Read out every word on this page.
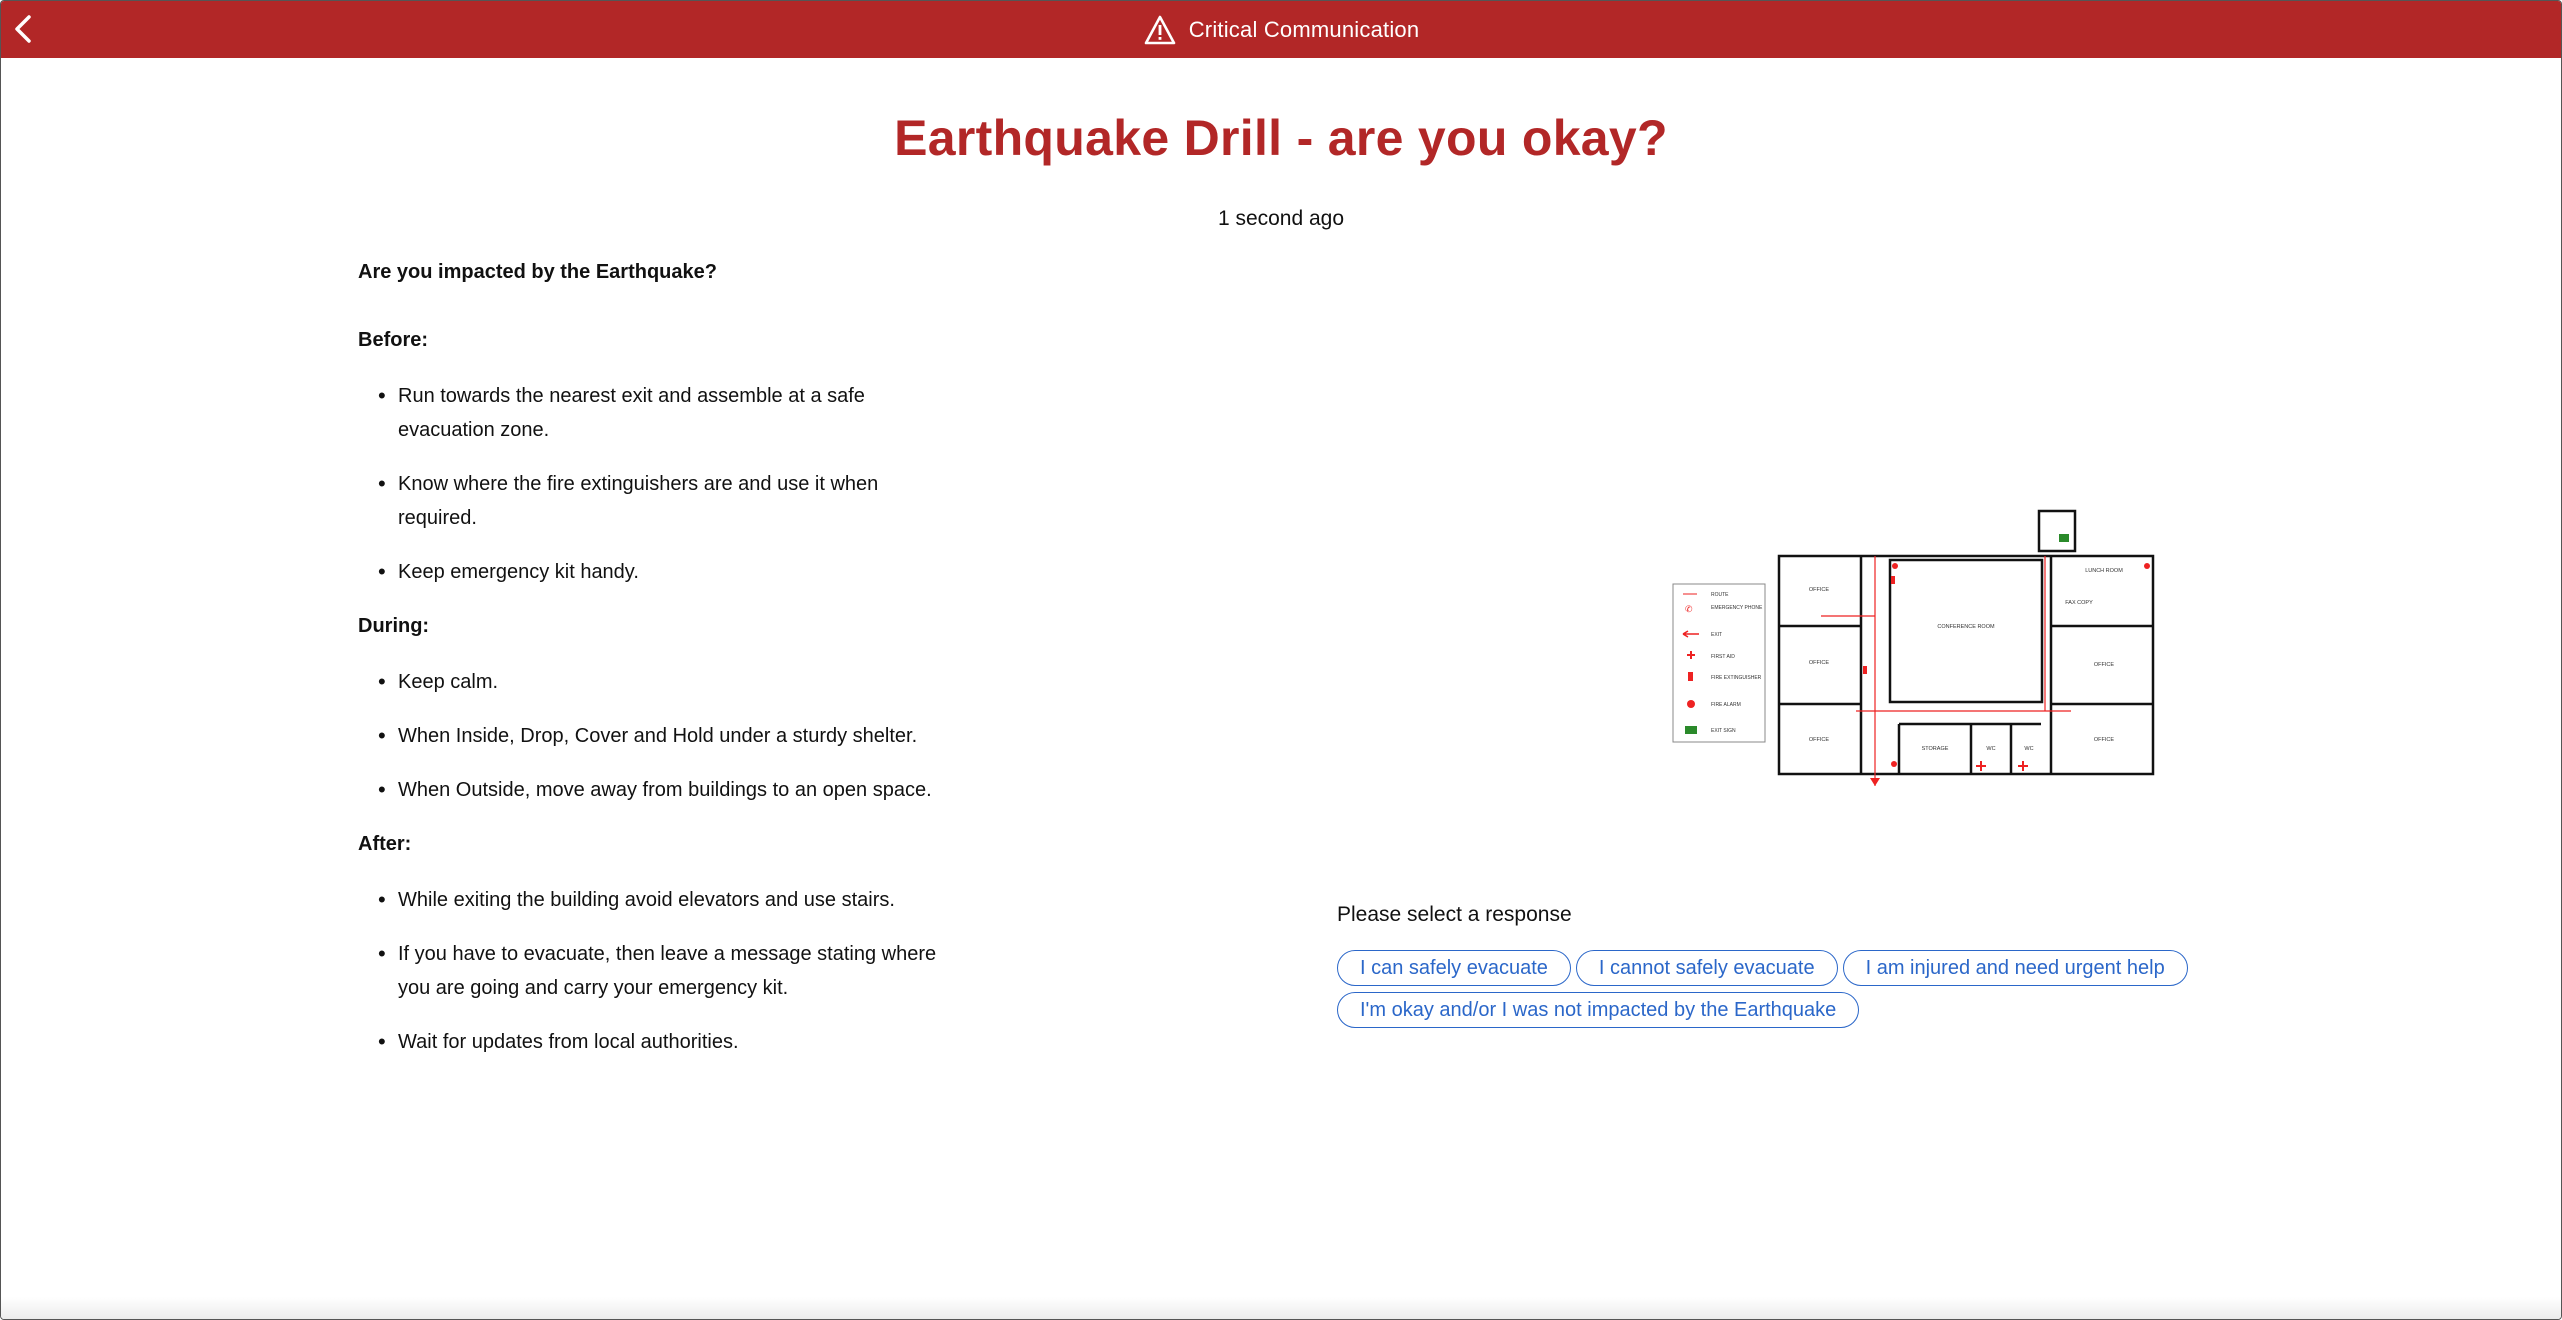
Critical Communication
Earthquake Drill - are you okay?
1 second ago
Are you impacted by the Earthquake?
Before:
• Run towards the nearest exit and assemble at a safe evacuation zone.
• Know where the fire extinguishers are and use it when required.
• Keep emergency kit handy.
During:
• Keep calm.
• When Inside, Drop, Cover and Hold under a sturdy shelter.
• When Outside, move away from buildings to an open space.
After:
• While exiting the building avoid elevators and use stairs.
• If you have to evacuate, then leave a message stating where you are going and carry your emergency kit.
• Wait for updates from local authorities.
ROUTE
✆	EMERGENCY PHONE
EXIT
FIRST AID
FIRE EXTINGUISHER
FIRE ALARM
EXIT SIGN
OFFICE
OFFICE
OFFICE
CONFERENCE ROOM
LUNCH ROOM
FAX COPY
OFFICE
STORAGE	WC	WC
OFFICE
Please select a response
I can safely evacuate	I cannot safely evacuate	I am injured and need urgent help
I'm okay and/or I was not impacted by the Earthquake
